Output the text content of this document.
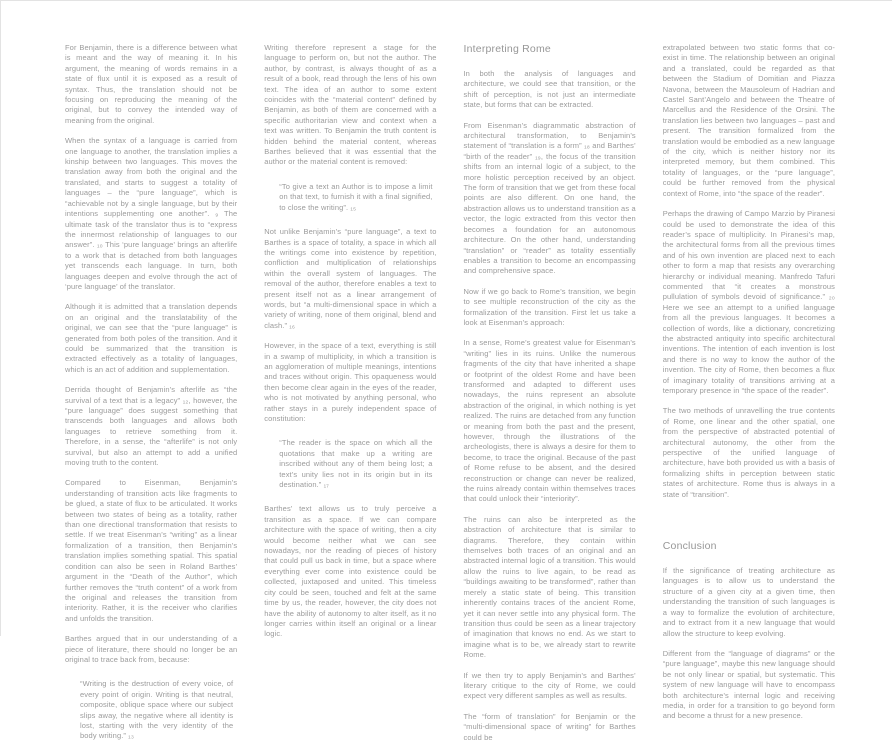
For Benjamin, there is a difference between what is meant and the way of meaning it. In his argument, the meaning of words remains in a state of flux until it is exposed as a result of syntax. Thus, the translation should not be focusing on reproducing the meaning of the original, but to convey the intended way of meaning from the original.

When the syntax of a language is carried from one language to another, the translation implies a kinship between two languages. This moves the translation away from both the original and the translated, and starts to suggest a totality of languages – the “pure language”, which is “achievable not by a single language, but by their intentions supplementing one another”. ₉ The ultimate task of the translator thus is to “express the innermost relationship of languages to our answer”. ₁₀ This ‘pure language’ brings an afterlife to a work that is detached from both languages yet transcends each language. In turn, both languages deepen and evolve through the act of ‘pure language’ of the translator.

Although it is admitted that a translation depends on an original and the translatability of the original, we can see that the “pure language” is generated from both poles of the transition. And it could be summarized that the transition is extracted effectively as a totality of languages, which is an act of addition and supplementation.

Derrida thought of Benjamin’s afterlife as “the survival of a text that is a legacy” ₁₂, however, the “pure language” does suggest something that transcends both languages and allows both languages to retrieve something from it. Therefore, in a sense, the “afterlife” is not only survival, but also an attempt to add a unified moving truth to the content.

Compared to Eisenman, Benjamin’s understanding of transition acts like fragments to be glued, a state of flux to be articulated. It works between two states of being as a totality, rather than one directional transformation that resists to settle. If we treat Eisenman’s “writing” as a linear formalization of a transition, then Benjamin’s translation implies something spatial. This spatial condition can also be seen in Roland Barthes’ argument in the “Death of the Author”, which further removes the “truth content” of a work from the original and releases the transition from interiority. Rather, it is the receiver who clarifies and unfolds the transition.

Barthes argued that in our understanding of a piece of literature, there should no longer be an original to trace back from, because:

“Writing is the destruction of every voice, of every point of origin. Writing is that neutral, composite, oblique space where our subject slips away, the negative where all identity is lost, starting with the very identity of the body writing.” ₁₃

Writing therefore represent a stage for the language to perform on, but not the author. The author, by contrast, is always thought of as a result of a book, read through the lens of his own text. The idea of an author to some extent coincides with the “material content” defined by Benjamin, as both of them are concerned with a specific authoritarian view and context when a text was written. To Benjamin the truth content is hidden behind the material content, whereas Barthes believed that it was essential that the author or the material content is removed:

“To give a text an Author is to impose a limit on that text, to furnish it with a final signified, to close the writing”. ₁₅

Not unlike Benjamin’s “pure language”, a text to Barthes is a space of totality, a space in which all the writings come into existence by repetition, confliction and multiplication of relationships within the overall system of languages. The removal of the author, therefore enables a text to present itself not as a linear arrangement of words, but “a multi-dimensional space in which a variety of writing, none of them original, blend and clash.” ₁₆

However, in the space of a text, everything is still in a swamp of multiplicity, in which a transition is an agglomeration of multiple meanings, intentions and traces without origin. This opaqueness would then become clear again in the eyes of the reader, who is not motivated by anything personal, who rather stays in a purely independent space of constitution:

“The reader is the space on which all the quotations that make up a writing are inscribed without any of them being lost; a text’s unity lies not in its origin but in its destination.” ₁₇

Barthes’ text allows us to truly perceive a transition as a space. If we can compare architecture with the space of writing, then a city would become neither what we can see nowadays, nor the reading of pieces of history that could pull us back in time, but a space where everything ever come into existence could be collected, juxtaposed and united. This timeless city could be seen, touched and felt at the same time by us, the reader, however, the city does not have the ability of autonomy to alter itself, as it no longer carries within itself an original or a linear logic.

Interpreting Rome

In both the analysis of languages and architecture, we could see that transition, or the shift of perception, is not just an intermediate state, but forms that can be extracted.

From Eisenman’s diagrammatic abstraction of architectural transformation, to Benjamin’s statement of “translation is a form” ₁₈ and Barthes’ “birth of the reader” ₁₉, the focus of the transition shifts from an internal logic of a subject, to the more holistic perception received by an object. The form of transition that we get from these focal points are also different. On one hand, the abstraction allows us to understand transition as a vector, the logic extracted from this vector then becomes a foundation for an autonomous architecture. On the other hand, understanding “translation” or “reader” as totality essentially enables a transition to become an encompassing and comprehensive space.

Now if we go back to Rome’s transition, we begin to see multiple reconstruction of the city as the formalization of the transition. First let us take a look at Eisenman’s approach:

In a sense, Rome’s greatest value for Eisenman’s “writing” lies in its ruins. Unlike the numerous fragments of the city that have inherited a shape or footprint of the oldest Rome and have been transformed and adapted to different uses nowadays, the ruins represent an absolute abstraction of the original, in which nothing is yet realized. The ruins are detached from any function or meaning from both the past and the present, however, through the illustrations of the archeologists, there is always a desire for them to become, to trace the original. Because of the past of Rome refuse to be absent, and the desired reconstruction or change can never be realized, the ruins already contain within themselves traces that could unlock their “interiority”.

The ruins can also be interpreted as the abstraction of architecture that is similar to diagrams. Therefore, they contain within themselves both traces of an original and an abstracted internal logic of a transition. This would allow the ruins to live again, to be read as “buildings awaiting to be transformed”, rather than merely a static state of being. This transition inherently contains traces of the ancient Rome, yet it can never settle into any physical form. The transition thus could be seen as a linear trajectory of imagination that knows no end. As we start to imagine what is to be, we already start to rewrite Rome.

If we then try to apply Benjamin’s and Barthes’ literary critique to the city of Rome, we could expect very different samples as well as results.

The “form of translation” for Benjamin or the “multi-dimensional space of writing” for Barthes could be

extrapolated between two static forms that co-exist in time. The relationship between an original and a translated, could be regarded as that between the Stadium of Domitian and Piazza Navona, between the Mausoleum of Hadrian and Castel Sant’Angelo and between the Theatre of Marcellus and the Residence of the Orsini. The translation lies between two languages – past and present. The transition formalized from the translation would be embodied as a new language of the city, which is neither history nor its interpreted memory, but them combined. This totality of languages, or the “pure language”, could be further removed from the physical context of Rome, into “the space of the reader”.

Perhaps the drawing of Campo Marzio by Piranesi could be used to demonstrate the idea of this reader’s space of multiplicity. In Piranesi’s map, the architectural forms from all the previous times and of his own invention are placed next to each other to form a map that resists any overarching hierarchy or individual meaning. Manfredo Tafuri commented that “it creates a monstrous pullulation of symbols devoid of significance.” ₂₀ Here we see an attempt to a unified language from all the previous languages. It becomes a collection of words, like a dictionary, concretizing the abstracted antiquity into specific architectural inventions. The intention of each invention is lost and there is no way to know the author of the invention. The city of Rome, then becomes a flux of imaginary totality of transitions arriving at a temporary presence in “the space of the reader”.

The two methods of unravelling the true contents of Rome, one linear and the other spatial, one from the perspective of abstracted potential of architectural autonomy, the other from the perspective of the unified language of architecture, have both provided us with a basis of formalizing shifts in perception between static states of architecture. Rome thus is always in a state of “transition”.

Conclusion

If the significance of treating architecture as languages is to allow us to understand the structure of a given city at a given time, then understanding the transition of such languages is a way to formalize the evolution of architecture, and to extract from it a new language that would allow the structure to keep evolving.

Different from the “language of diagrams” or the “pure language”, maybe this new language should be not only linear or spatial, but systematic. This system of new language will have to encompass both architecture’s internal logic and receiving media, in order for a transition to go beyond form and become a thrust for a new presence.
